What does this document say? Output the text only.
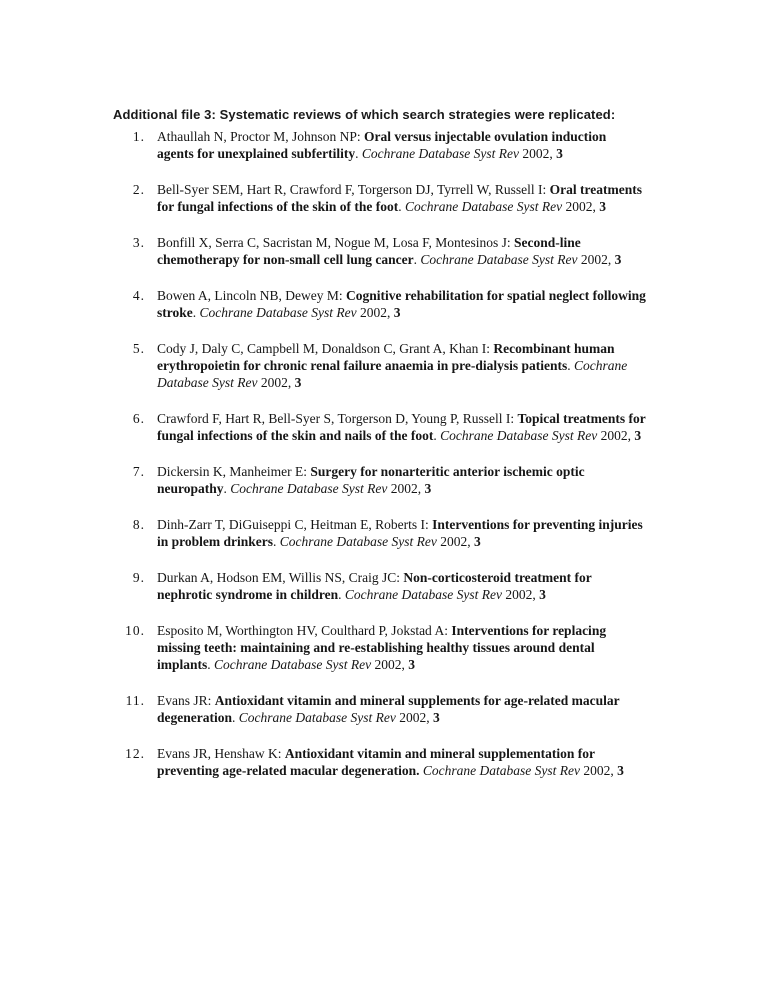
Additional file 3: Systematic reviews of which search strategies were replicated:
1. Athaullah N, Proctor M, Johnson NP: Oral versus injectable ovulation induction agents for unexplained subfertility. Cochrane Database Syst Rev 2002, 3
2. Bell-Syer SEM, Hart R, Crawford F, Torgerson DJ, Tyrrell W, Russell I: Oral treatments for fungal infections of the skin of the foot. Cochrane Database Syst Rev 2002, 3
3. Bonfill X, Serra C, Sacristan M, Nogue M, Losa F, Montesinos J: Second-line chemotherapy for non-small cell lung cancer. Cochrane Database Syst Rev 2002, 3
4. Bowen A, Lincoln NB, Dewey M: Cognitive rehabilitation for spatial neglect following stroke. Cochrane Database Syst Rev 2002, 3
5. Cody J, Daly C, Campbell M, Donaldson C, Grant A, Khan I: Recombinant human erythropoietin for chronic renal failure anaemia in pre-dialysis patients. Cochrane Database Syst Rev 2002, 3
6. Crawford F, Hart R, Bell-Syer S, Torgerson D, Young P, Russell I: Topical treatments for fungal infections of the skin and nails of the foot. Cochrane Database Syst Rev 2002, 3
7. Dickersin K, Manheimer E: Surgery for nonarteritic anterior ischemic optic neuropathy. Cochrane Database Syst Rev 2002, 3
8. Dinh-Zarr T, DiGuiseppi C, Heitman E, Roberts I: Interventions for preventing injuries in problem drinkers. Cochrane Database Syst Rev 2002, 3
9. Durkan A, Hodson EM, Willis NS, Craig JC: Non-corticosteroid treatment for nephrotic syndrome in children. Cochrane Database Syst Rev 2002, 3
10. Esposito M, Worthington HV, Coulthard P, Jokstad A: Interventions for replacing missing teeth: maintaining and re-establishing healthy tissues around dental implants. Cochrane Database Syst Rev 2002, 3
11. Evans JR: Antioxidant vitamin and mineral supplements for age-related macular degeneration. Cochrane Database Syst Rev 2002, 3
12. Evans JR, Henshaw K: Antioxidant vitamin and mineral supplementation for preventing age-related macular degeneration. Cochrane Database Syst Rev 2002, 3
